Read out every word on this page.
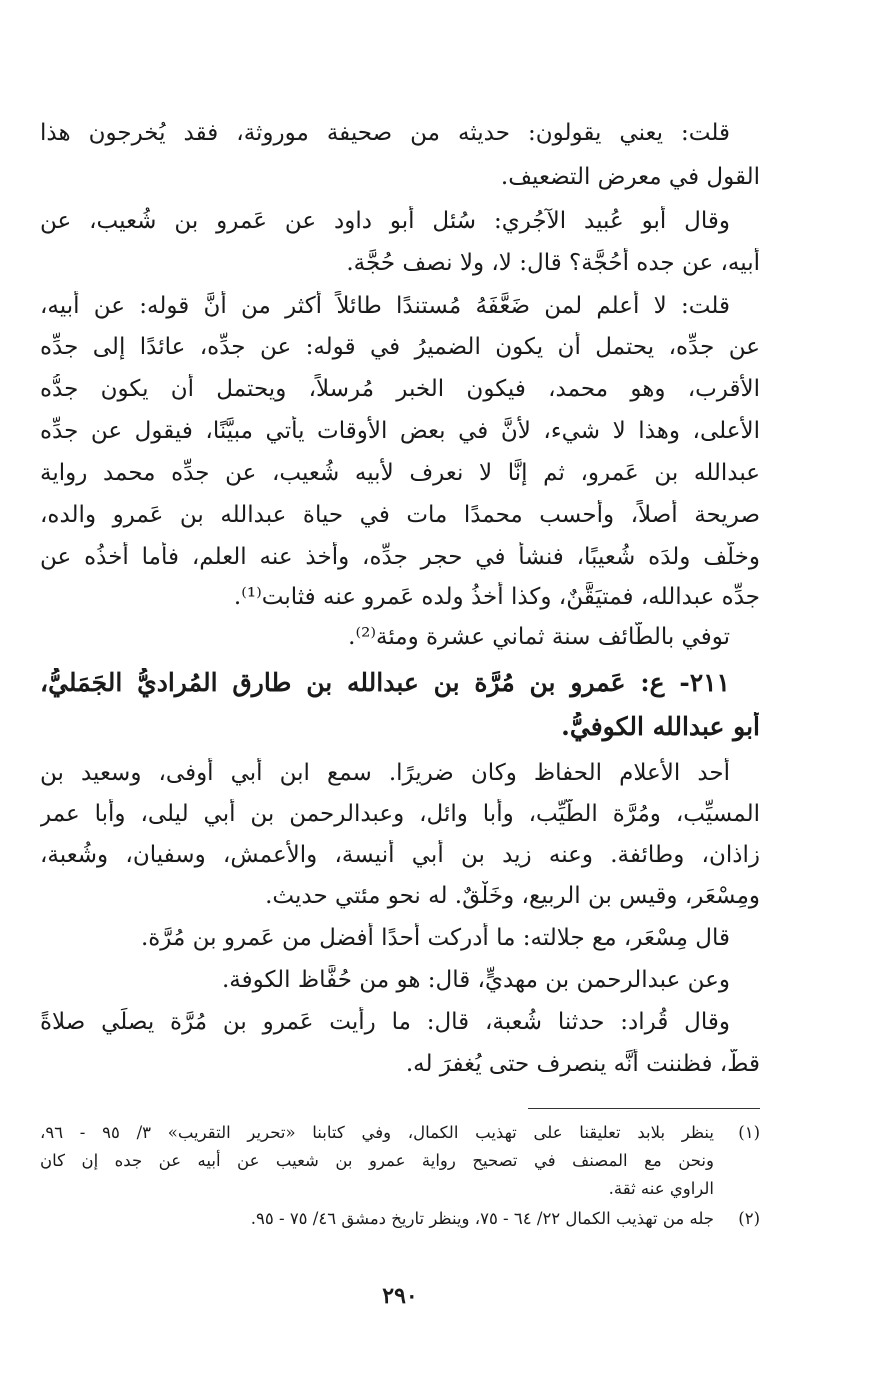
قلت: يعني يقولون: حديثه من صحيفة موروثة، فقد يُخرجون هذا
القول في معرض التضعيف.
وقال أبو عُبيد الآجُري: سُئل أبو داود عن عَمرو بن شُعيب، عن
أبيه، عن جده أحُجَّة؟ قال: لا، ولا نصف حُجَّة.
قلت: لا أعلم لمن ضَعَّفَهُ مُستندًا طائلاً أكثر من أنَّ قوله: عن أبيه،
عن جدِّه، يحتمل أن يكون الضميرُ في قوله: عن جدِّه، عائدًا إلى جدِّه
الأقرب، وهو محمد، فيكون الخبر مُرسلاً، ويحتمل أن يكون جدُّه
الأعلى، وهذا لا شيء، لأنَّ في بعض الأوقات يأتي مبيَّنًا، فيقول عن جدِّه
عبدالله بن عَمرو، ثم إنَّا لا نعرف لأبيه شُعيب، عن جدِّه محمد رواية
صريحة أصلاً، وأحسب محمدًا مات في حياة عبدالله بن عَمرو والده،
وخلَّف ولدَه شُعيبًا، فنشأ في حجر جدِّه، وأخذ عنه العلم، فأما أخذُه عن
جدِّه عبدالله، فمتيَقَّنٌ، وكذا أخذُ ولده عَمرو عنه فثابت⁽¹⁾.
توفي بالطَّائف سنة ثماني عشرة ومئة⁽²⁾.
٢١١- ع: عَمرو بن مُرَّة بن عبدالله بن طارق المُراديُّ الجَمَليُّ،
أبو عبدالله الكوفيُّ.
أحد الأعلام الحفاظ وكان ضريرًا. سمع ابن أبي أوفى، وسعيد بن
المسيِّب، ومُرَّة الطَّيِّب، وأبا وائل، وعبدالرحمن بن أبي ليلى، وأبا عمر
زاذان، وطائفة. وعنه زيد بن أبي أنيسة، والأعمش، وسفيان، وشُعبة،
ومِسْعَر، وقيس بن الربيع، وخَلْقٌ. له نحو مئتي حديث.
قال مِسْعَر، مع جلالته: ما أدركت أحدًا أفضل من عَمرو بن مُرَّة.
وعن عبدالرحمن بن مهديٍّ، قال: هو من حُفَّاظ الكوفة.
وقال قُراد: حدثنا شُعبة، قال: ما رأيت عَمرو بن مُرَّة يصلِّي صلاةً
قطُّ، فظننت أنَّه ينصرف حتى يُغفرَ له.
(١)
ينظر بلابد تعليقنا على تهذيب الكمال، وفي كتابنا «تحرير التقريب» ٣/ ٩٥ - ٩٦،
ونحن مع المصنف في تصحيح رواية عمرو بن شعيب عن أبيه عن جده إن كان
الراوي عنه ثقة.
(٢)
جله من تهذيب الكمال ٢٢/ ٦٤ - ٧٥، وينظر تاريخ دمشق ٤٦/ ٧٥ - ٩٥.
٢٩٠
